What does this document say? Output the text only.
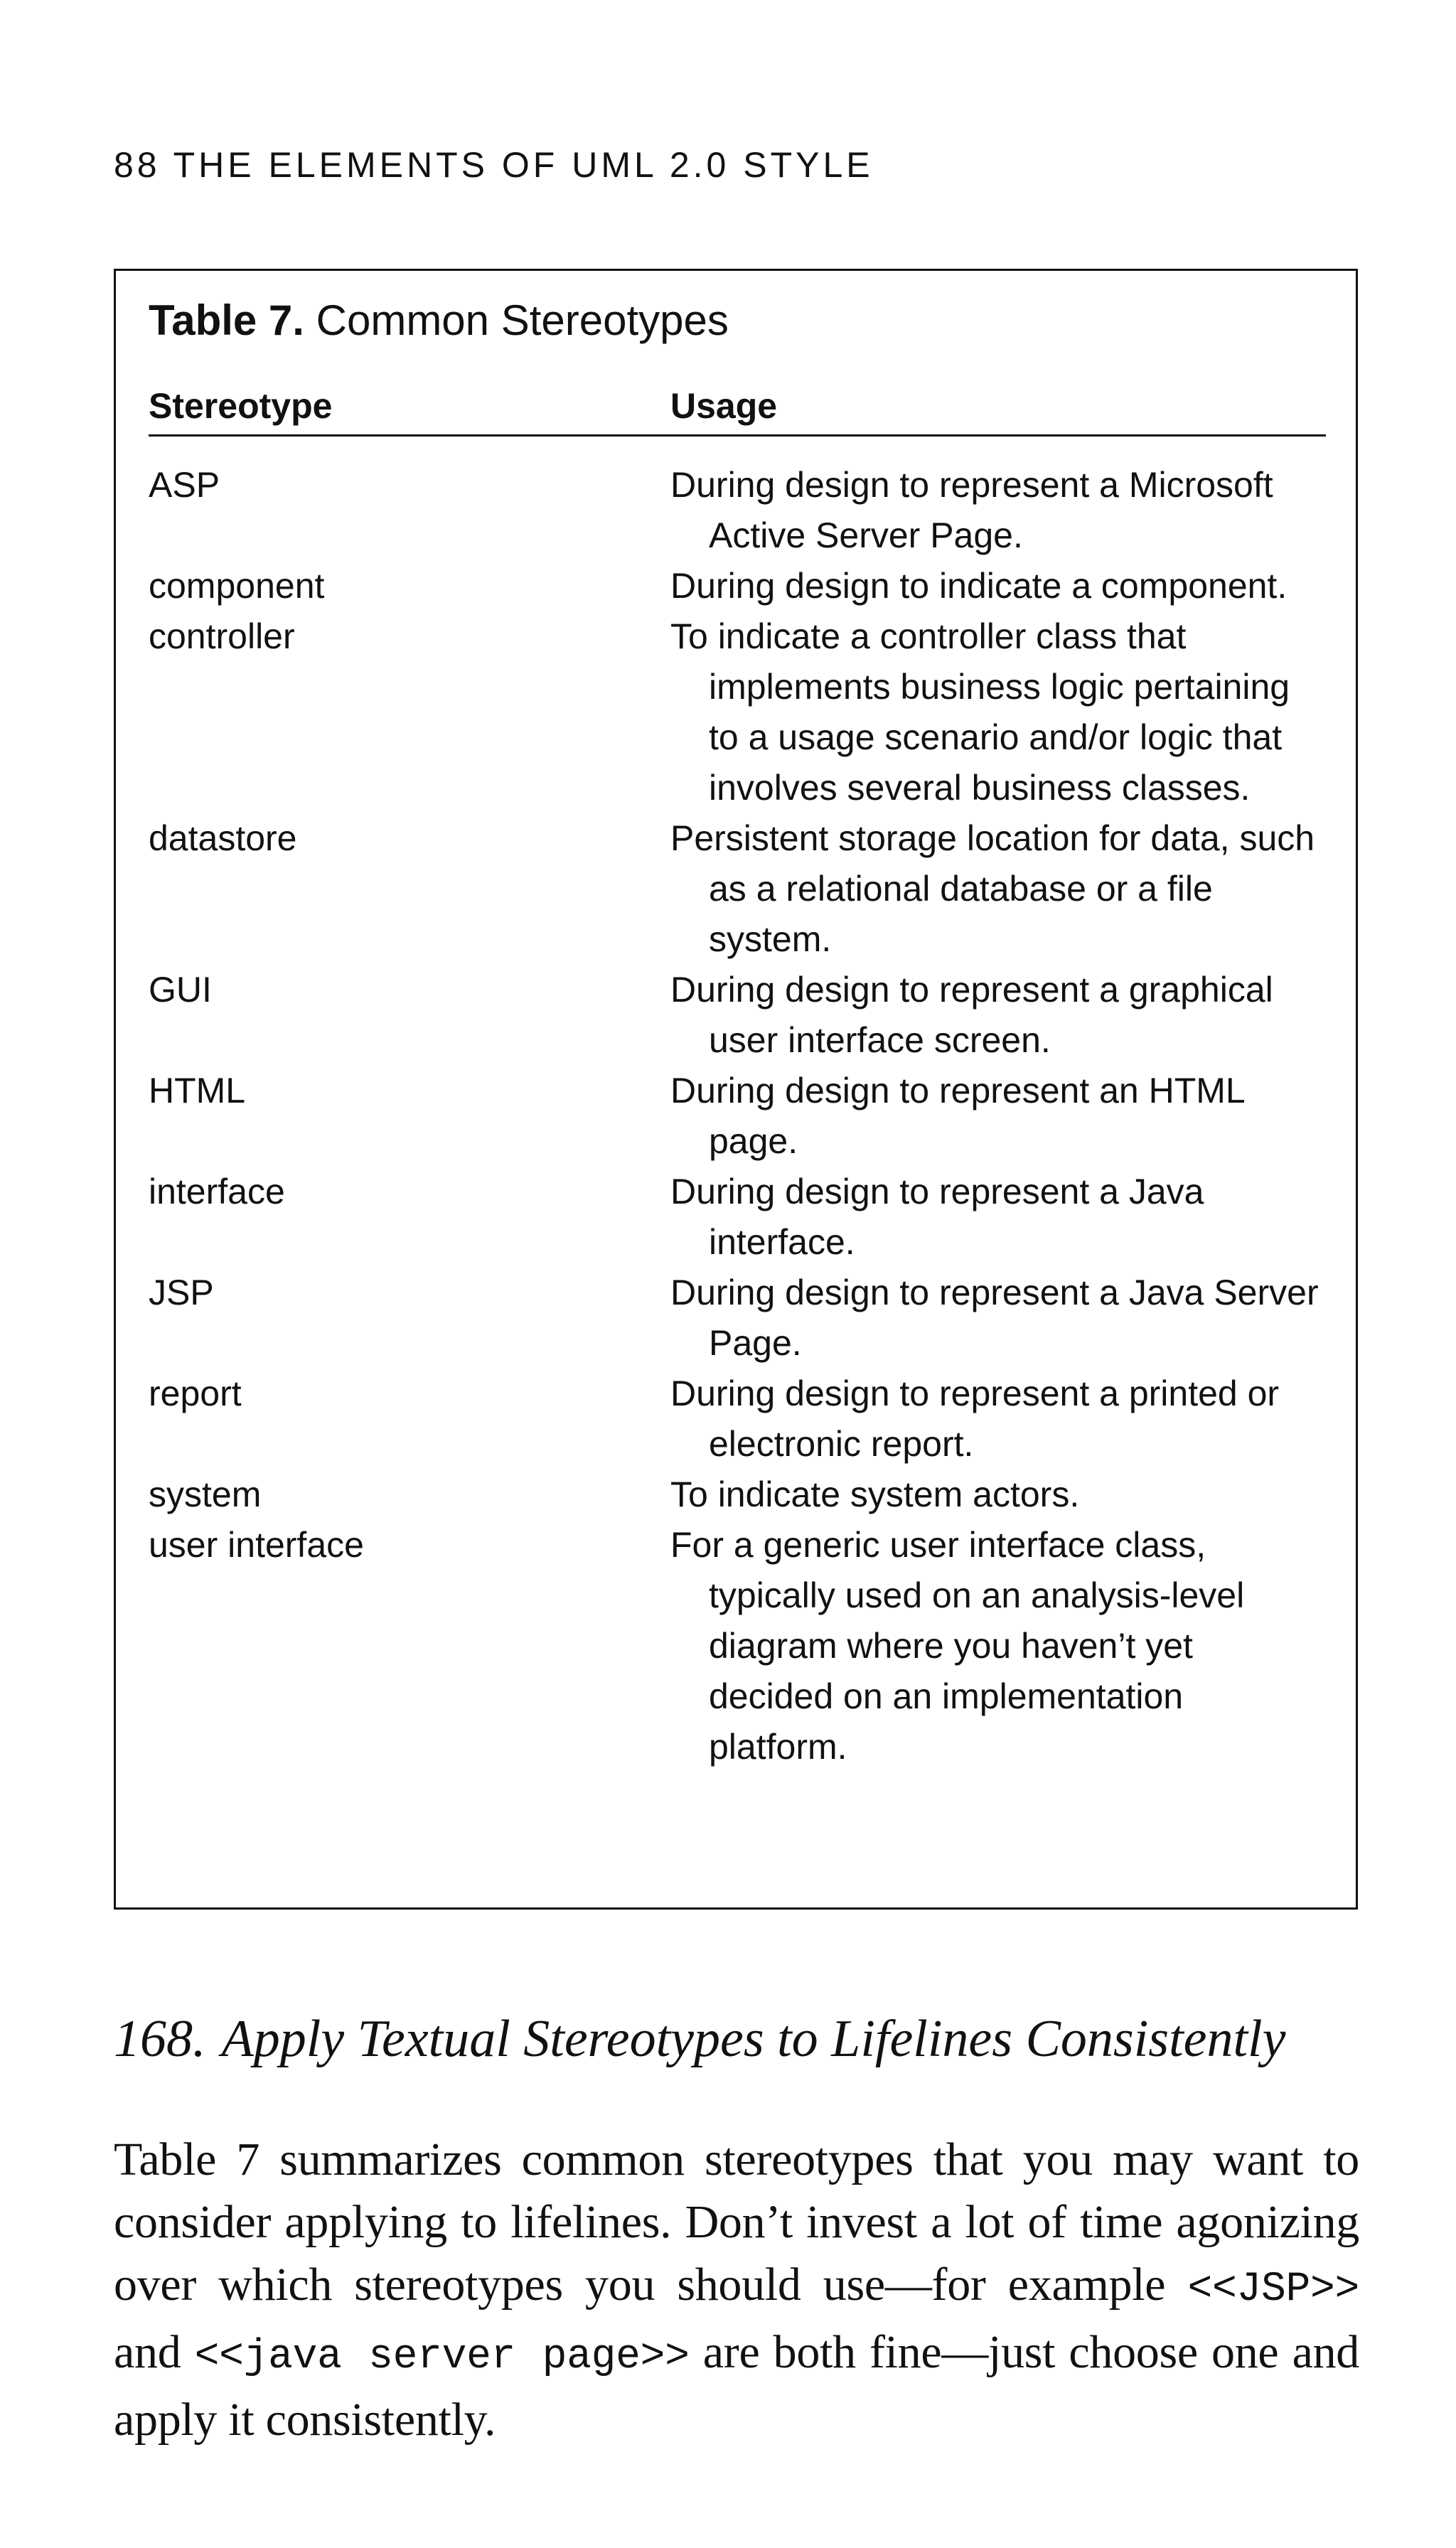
88 THE ELEMENTS OF UML 2.0 STYLE
Table 7. Common Stereotypes
Stereotype	Usage
ASP	During design to represent a Microsoft Active Server Page.
component	During design to indicate a component.
controller	To indicate a controller class that implements business logic pertaining to a usage scenario and/or logic that involves several business classes.
datastore	Persistent storage location for data, such as a relational database or a file system.
GUI	During design to represent a graphical user interface screen.
HTML	During design to represent an HTML page.
interface	During design to represent a Java interface.
JSP	During design to represent a Java Server Page.
report	During design to represent a printed or electronic report.
system	To indicate system actors.
user interface	For a generic user interface class, typically used on an analysis-level diagram where you haven’t yet decided on an implementation platform.
168. Apply Textual Stereotypes to Lifelines Consistently

Table 7 summarizes common stereotypes that you may want to consider applying to lifelines. Don’t invest a lot of time agonizing over which stereotypes you should use—for example <<JSP>> and <<java server page>> are both fine—just choose one and apply it consistently.
